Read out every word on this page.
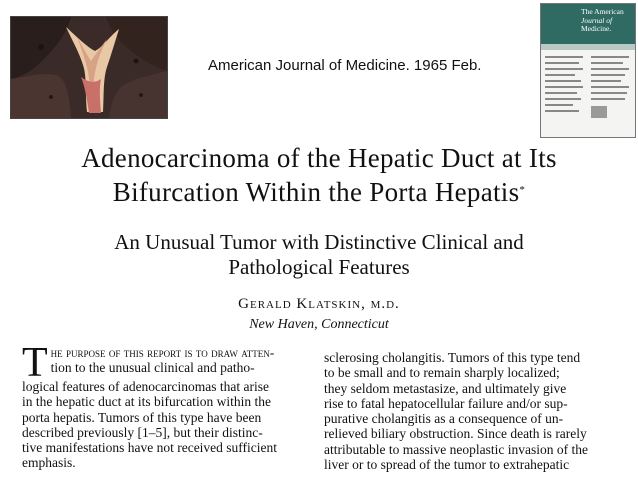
American Journal of Medicine. 1965 Feb.
The American
Journal of
Medicine.
Adenocarcinoma of the Hepatic Duct at Its
Bifurcation Within the Porta Hepatis*
An Unusual Tumor with Distinctive Clinical and
Pathological Features
Gerald Klatskin, m.d.
New Haven, Connecticut
T he purpose of this report is to draw atten-

tion to the unusual clinical and patho-

logical features of adenocarcinomas that arise

in the hepatic duct at its bifurcation within the

porta hepatis. Tumors of this type have been

described previously [1–5], but their distinc-

tive manifestations have not received sufficient

emphasis.

sclerosing cholangitis. Tumors of this type tend

to be small and to remain sharply localized;

they seldom metastasize, and ultimately give

rise to fatal hepatocellular failure and/or sup-

purative cholangitis as a consequence of un-

relieved biliary obstruction. Since death is rarely

attributable to massive neoplastic invasion of the

liver or to spread of the tumor to extrahepatic
